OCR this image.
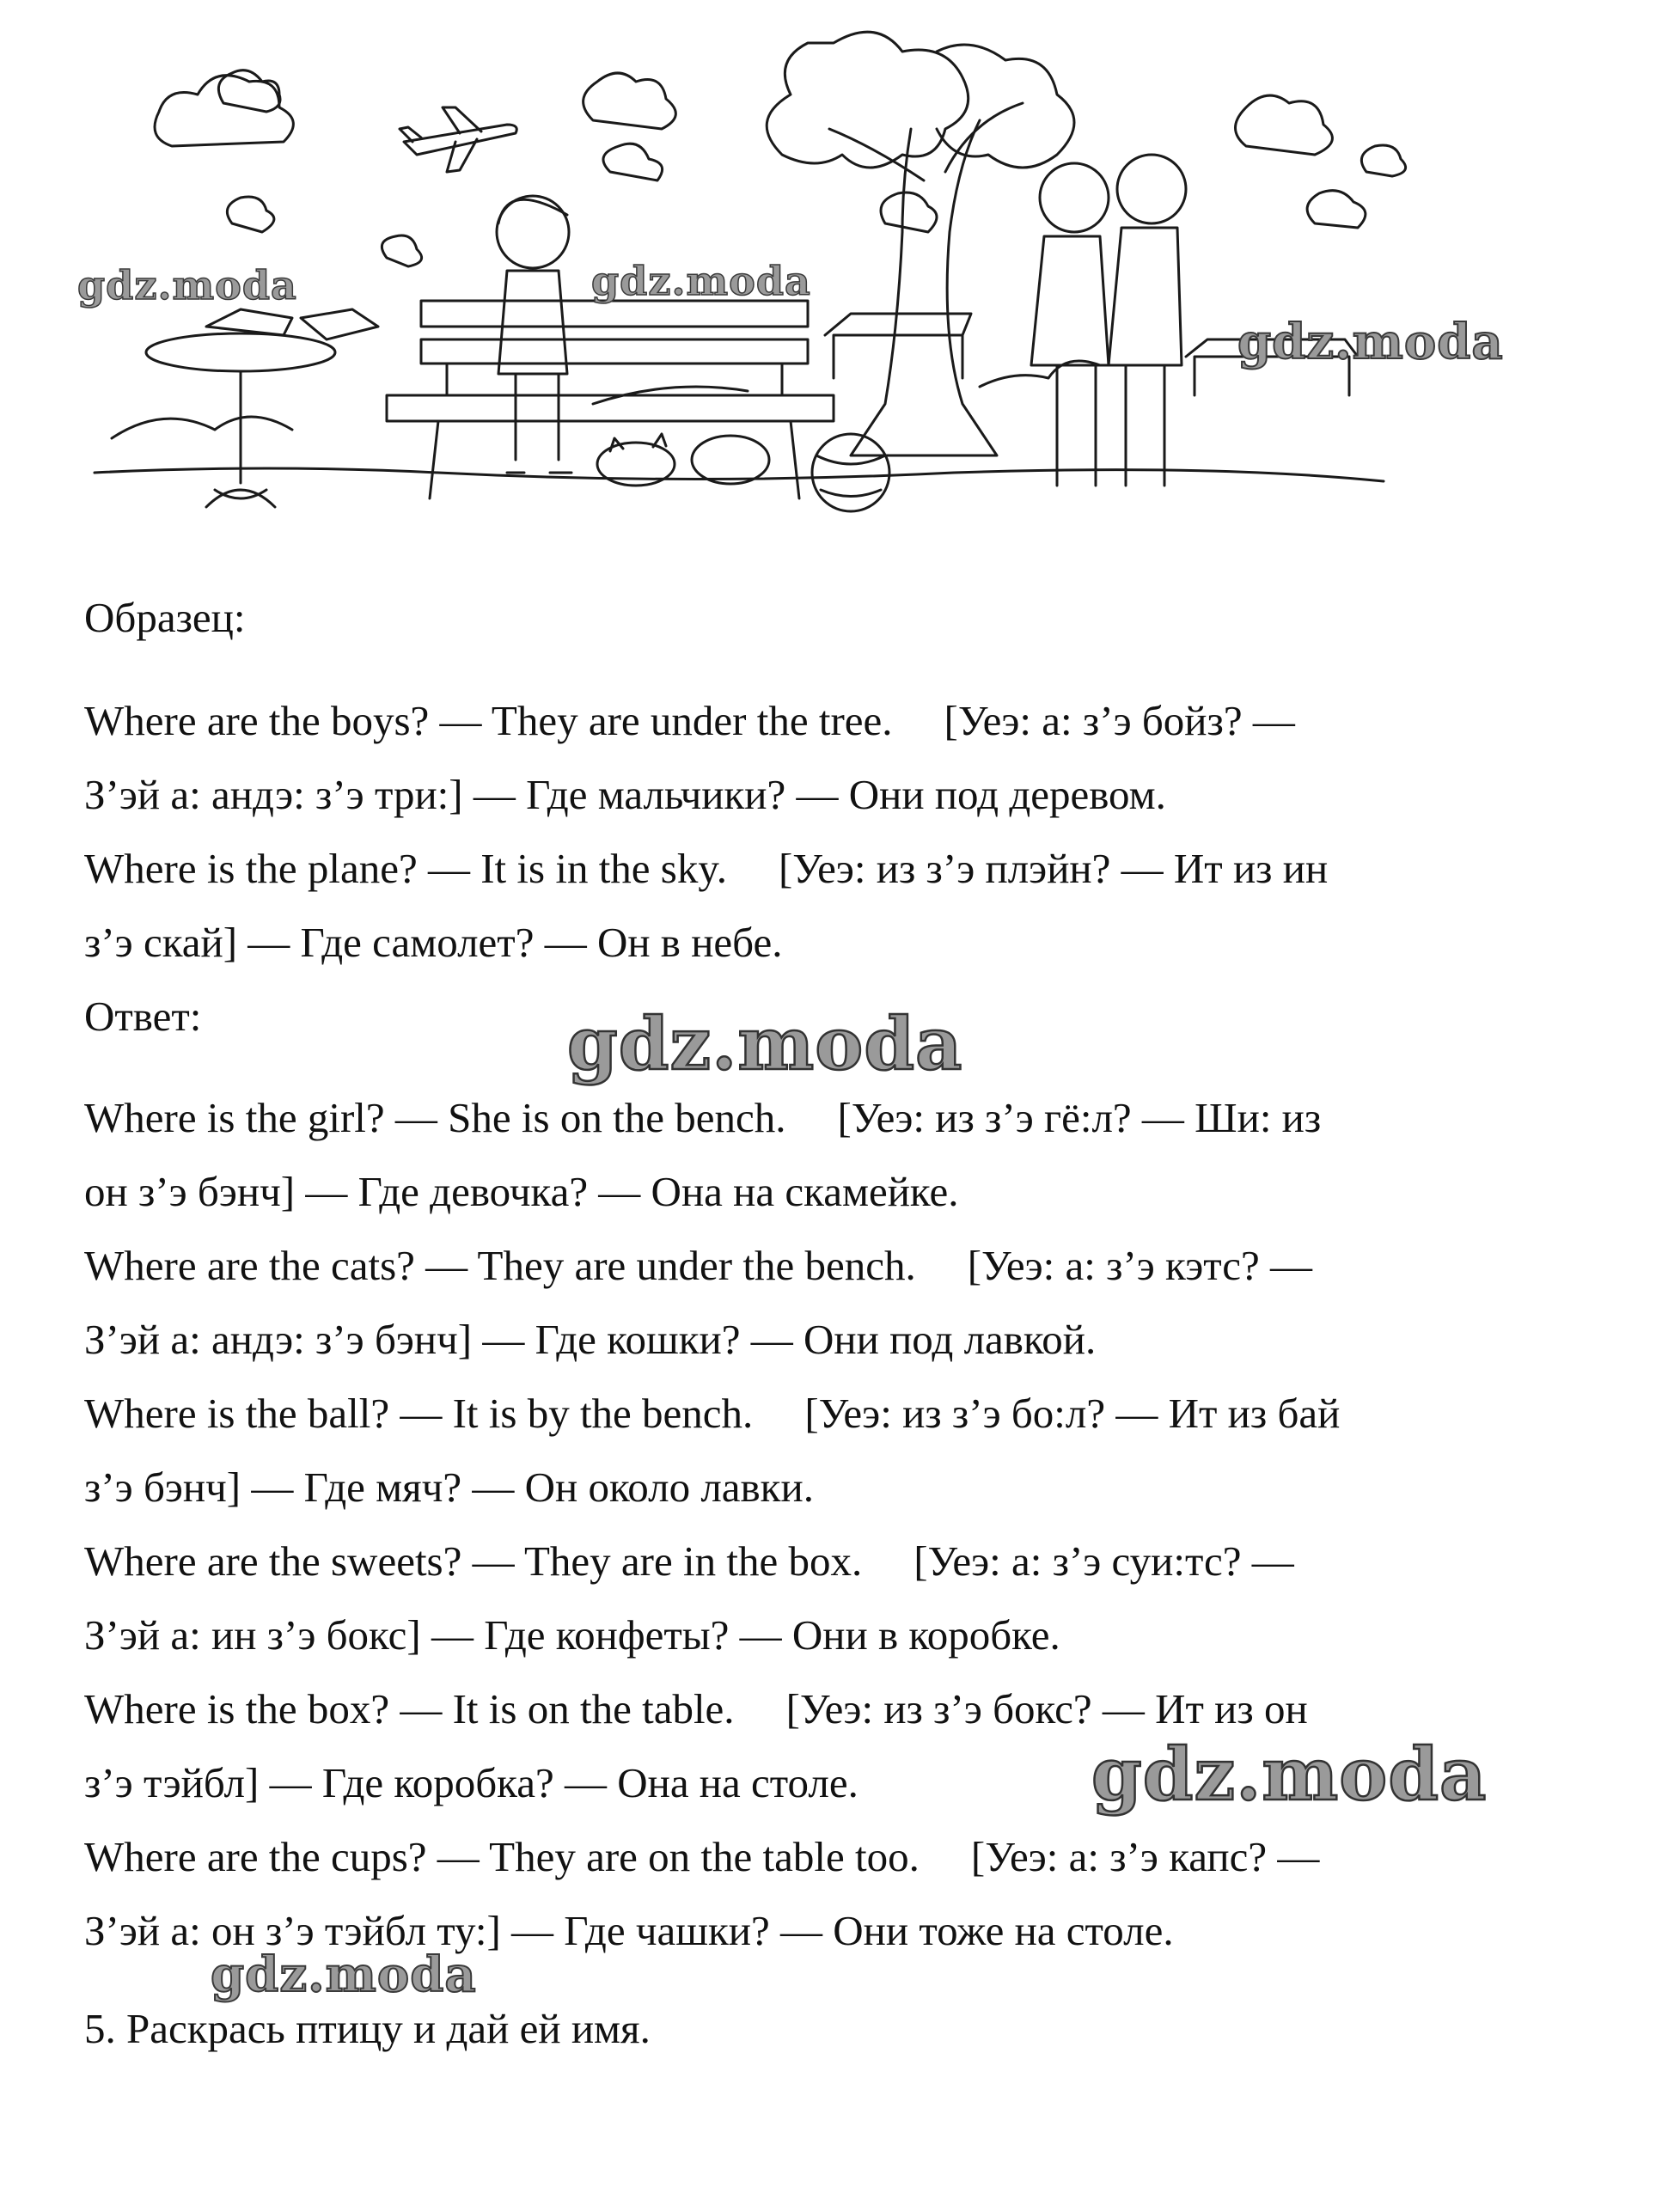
gdz.moda	gdz.moda
gdz.moda
gdz.moda
gdz.moda
gdz.moda
Образец:
Where are the boys? — They are under the tree. [Уеэ: а: з’э бойз? —
З’эй а: андэ: з’э три:] — Где мальчики? — Они под деревом.
Where is the plane? — It is in the sky. [Уеэ: из з’э плэйн? — Ит из ин
з’э скай] — Где самолет? — Он в небе.
Ответ:
Where is the girl? — She is on the bench. [Уеэ: из з’э гё:л? — Ши: из
он з’э бэнч] — Где девочка? — Она на скамейке.
Where are the cats? — They are under the bench. [Уеэ: а: з’э кэтс? —
З’эй а: андэ: з’э бэнч] — Где кошки? — Они под лавкой.
Where is the ball? — It is by the bench. [Уеэ: из з’э бо:л? — Ит из бай
з’э бэнч] — Где мяч? — Он около лавки.
Where are the sweets? — They are in the box. [Уеэ: а: з’э суи:тс? —
З’эй а: ин з’э бокс] — Где конфеты? — Они в коробке.
Where is the box? — It is on the table. [Уеэ: из з’э бокс? — Ит из он
з’э тэйбл] — Где коробка? — Она на столе.
Where are the cups? — They are on the table too. [Уеэ: а: з’э капс? —
З’эй а: он з’э тэйбл ту:] — Где чашки? — Они тоже на столе.
5. Раскрась птицу и дай ей имя.
